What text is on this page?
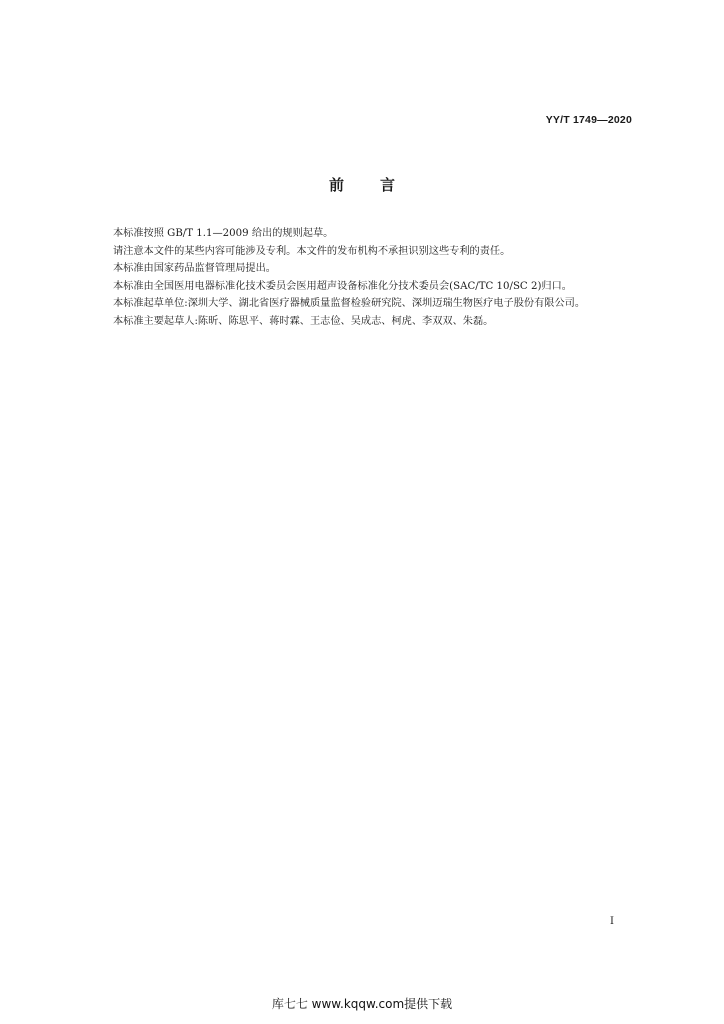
YY/T 1749—2020
前 言

本标准按照 GB/T 1.1—2009 给出的规则起草。

请注意本文件的某些内容可能涉及专利。本文件的发布机构不承担识别这些专利的责任。

本标准由国家药品监督管理局提出。

本标准由全国医用电器标准化技术委员会医用超声设备标准化分技术委员会(SAC/TC 10/SC 2)归口。

本标准起草单位:深圳大学、湖北省医疗器械质量监督检验研究院、深圳迈瑞生物医疗电子股份有限公司。

本标准主要起草人:陈昕、陈思平、蒋时霖、王志俭、吴成志、柯虎、李双双、朱磊。

I
库七七 www.kqqw.com提供下载
